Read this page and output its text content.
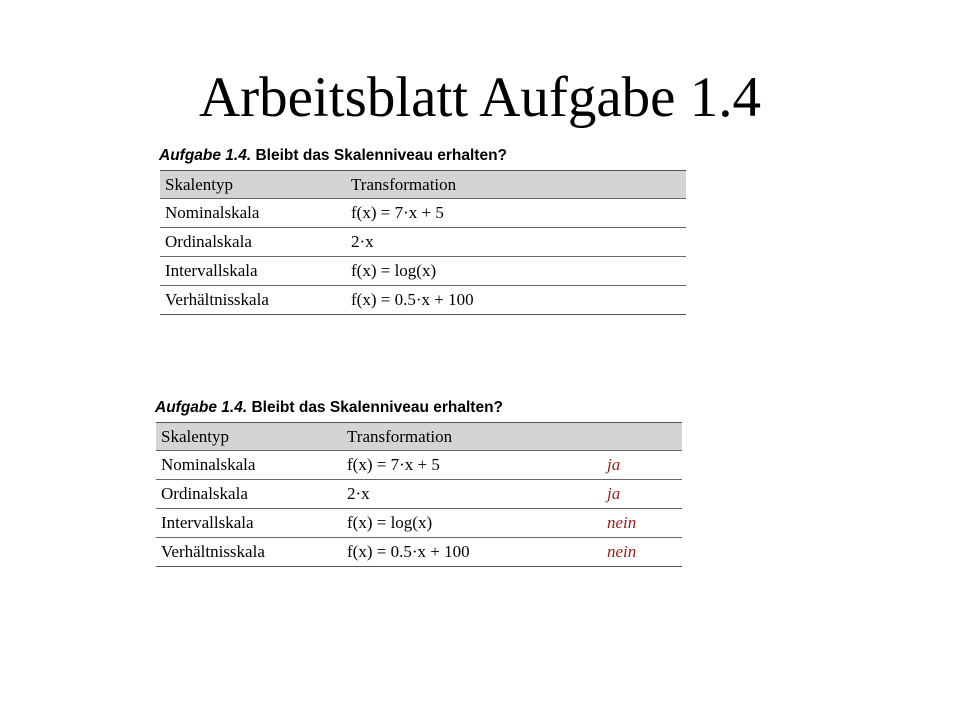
Arbeitsblatt Aufgabe 1.4
Aufgabe 1.4. Bleibt das Skalenniveau erhalten?
Skalentyp	Transformation	
Nominalskala	f(x) = 7·x + 5	
Ordinalskala	2·x	
Intervallskala	f(x) = log(x)	
Verhältnisskala	f(x) = 0.5·x + 100	
Aufgabe 1.4. Bleibt das Skalenniveau erhalten?
Skalentyp	Transformation	
Nominalskala	f(x) = 7·x + 5	ja
Ordinalskala	2·x	ja
Intervallskala	f(x) = log(x)	nein
Verhältnisskala	f(x) = 0.5·x + 100	nein
